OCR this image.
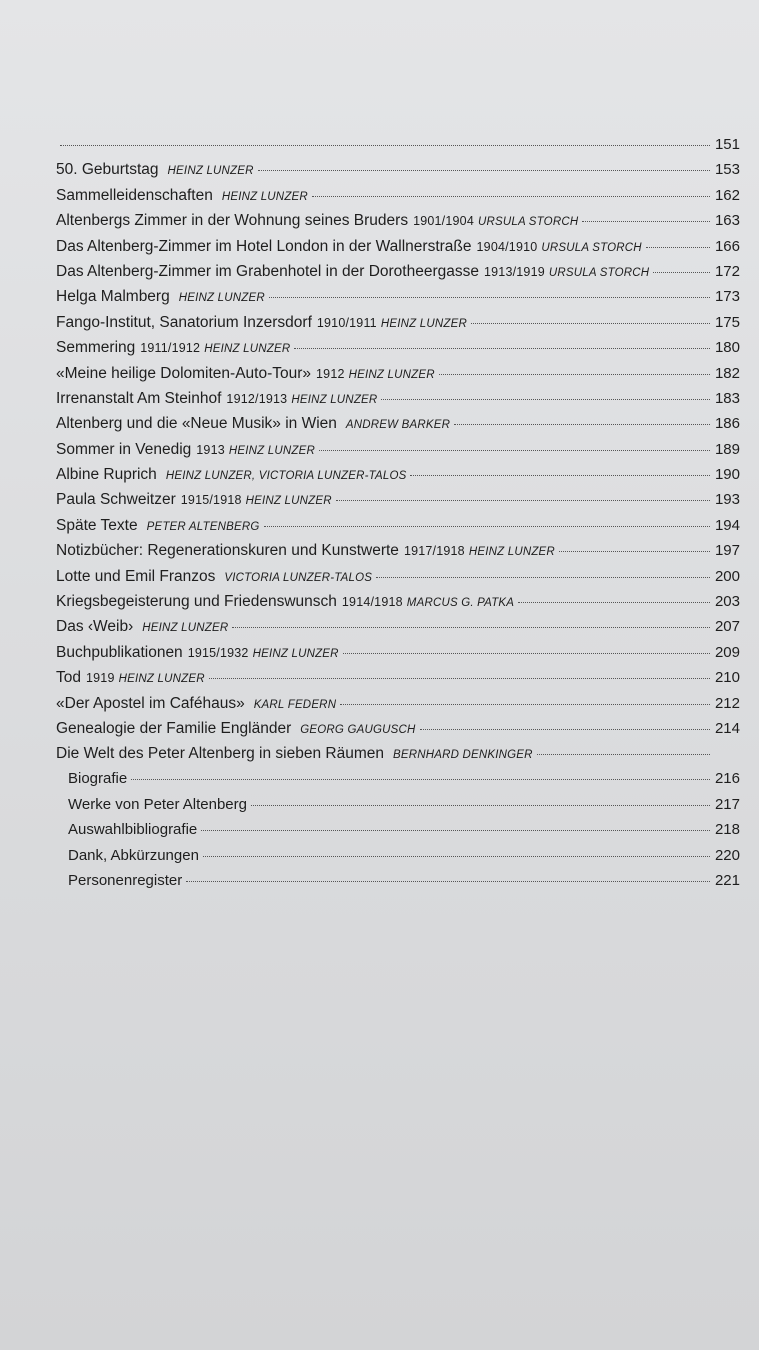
151
50. Geburtstag HEINZ LUNZER	153
Sammelleidenschaften HEINZ LUNZER	162
Altenbergs Zimmer in der Wohnung seines Bruders 1901/1904 URSULA STORCH	163
Das Altenberg-Zimmer im Hotel London in der Wallnerstraße 1904/1910 URSULA STORCH	166
Das Altenberg-Zimmer im Grabenhotel in der Dorotheergasse 1913/1919 URSULA STORCH	172
Helga Malmberg HEINZ LUNZER	173
Fango-Institut, Sanatorium Inzersdorf 1910/1911 HEINZ LUNZER	175
Semmering 1911/1912 HEINZ LUNZER	180
«Meine heilige Dolomiten-Auto-Tour» 1912 HEINZ LUNZER	182
Irrenanstalt Am Steinhof 1912/1913 HEINZ LUNZER	183
Altenberg und die «Neue Musik» in Wien ANDREW BARKER	186
Sommer in Venedig 1913 HEINZ LUNZER	189
Albine Ruprich HEINZ LUNZER, VICTORIA LUNZER-TALOS	190
Paula Schweitzer 1915/1918 HEINZ LUNZER	193
Späte Texte PETER ALTENBERG	194
Notizbücher: Regenerationskuren und Kunstwerte 1917/1918 HEINZ LUNZER	197
Lotte und Emil Franzos VICTORIA LUNZER-TALOS	200
Kriegsbegeisterung und Friedenswunsch 1914/1918 MARCUS G. PATKA	203
Das ‹Weib› HEINZ LUNZER	207
Buchpublikationen 1915/1932 HEINZ LUNZER	209
Tod 1919 HEINZ LUNZER	210
«Der Apostel im Caféhaus» KARL FEDERN	212
Genealogie der Familie Engländer GEORG GAUGUSCH	214
Die Welt des Peter Altenberg in sieben Räumen BERNHARD DENKINGER
Biografie	216
Werke von Peter Altenberg	217
Auswahlbibliografie	218
Dank, Abkürzungen	220
Personenregister	221
